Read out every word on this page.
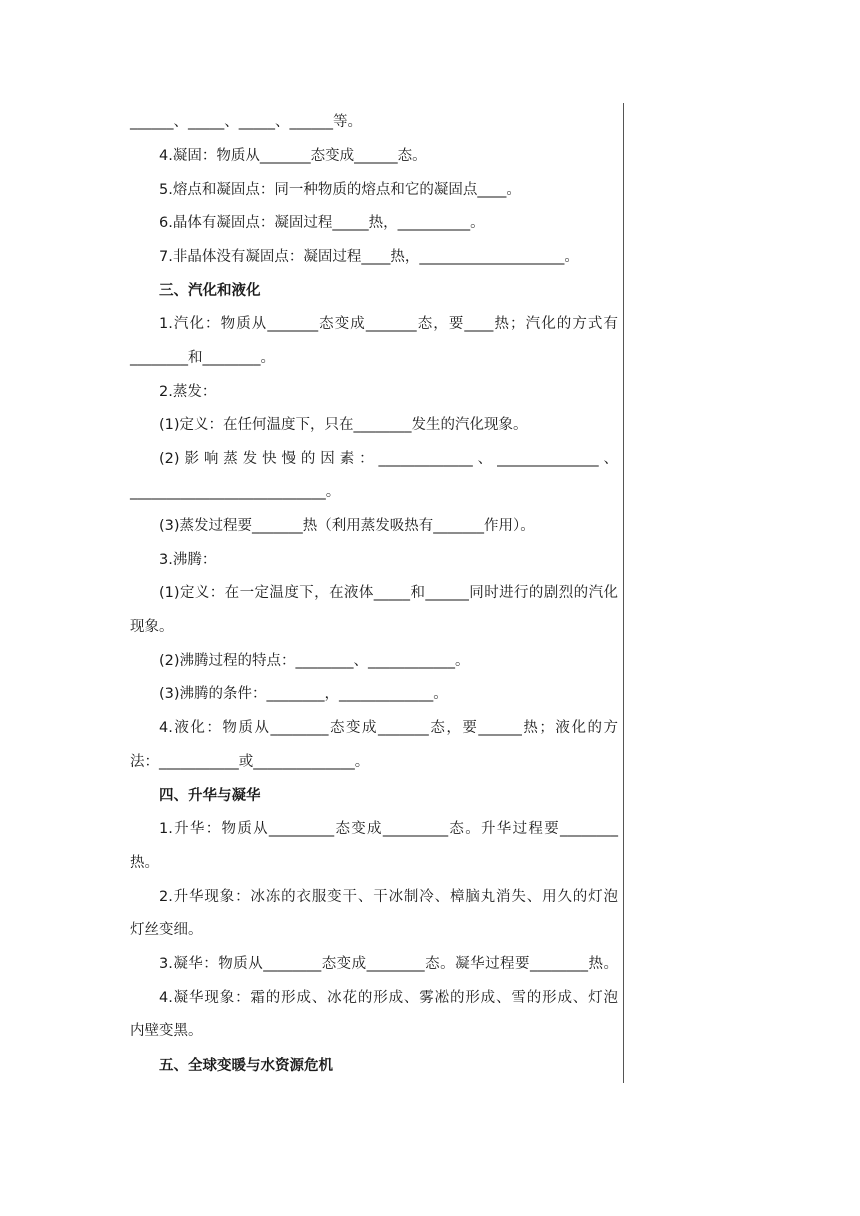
______、_____、_____、______等。
4.凝固：物质从_______态变成______态。
5.熔点和凝固点：同一种物质的熔点和它的凝固点____。
6.晶体有凝固点：凝固过程_____热，__________。
7.非晶体没有凝固点：凝固过程____热，____________________。
三、汽化和液化
1.汽化：物质从_______态变成_______态，要____热；汽化的方式有
________和________。
2.蒸发：
(1)定义：在任何温度下，只在________发生的汽化现象。
(2)影响蒸发快慢的因素：_____________、______________、
___________________________。
(3)蒸发过程要_______热（利用蒸发吸热有_______作用）。
3.沸腾：
(1)定义：在一定温度下，在液体_____和______同时进行的剧烈的汽化
现象。
(2)沸腾过程的特点：________、____________。
(3)沸腾的条件：________，_____________。
4.液化：物质从________态变成_______态，要______热；液化的方
法：___________或______________。
四、升华与凝华
1.升华：物质从_________态变成_________态。升华过程要________
热。
2.升华现象：冰冻的衣服变干、干冰制冷、樟脑丸消失、用久的灯泡
灯丝变细。
3.凝华：物质从________态变成________态。凝华过程要________热。
4.凝华现象：霜的形成、冰花的形成、雾凇的形成、雪的形成、灯泡
内壁变黑。
五、全球变暖与水资源危机
